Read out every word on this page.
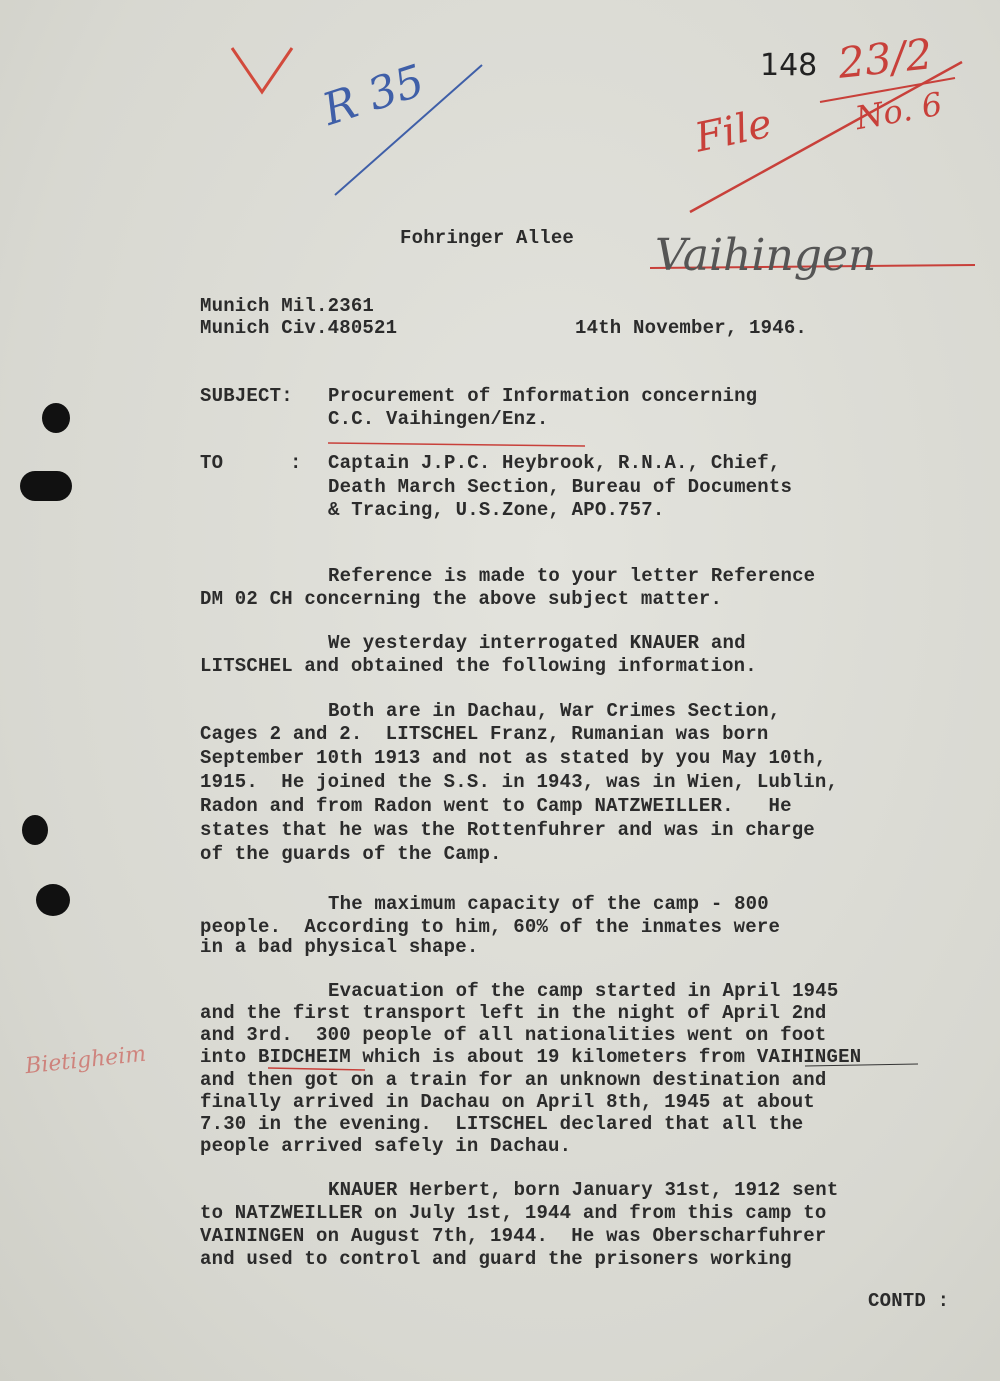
R 35	148 23/2
File No. 6
Vaihingen
Bietigheim
Fohringer Allee
Munich Mil.2361
Munich Civ.480521	14th November, 1946.
SUBJECT: Procurement of Information concerning
C.C. Vaihingen/Enz.
TO	: Captain J.P.C. Heybrook, R.N.A., Chief,
Death March Section, Bureau of Documents
& Tracing, U.S.Zone, APO.757.
Reference is made to your letter Reference
DM 02 CH concerning the above subject matter.
We yesterday interrogated KNAUER and
LITSCHEL and obtained the following information.
Both are in Dachau, War Crimes Section,
Cages 2 and 2.  LITSCHEL Franz, Rumanian was born
September 10th 1913 and not as stated by you May 10th,
1915.  He joined the S.S. in 1943, was in Wien, Lublin,
Radon and from Radon went to Camp NATZWEILLER.   He
states that he was the Rottenfuhrer and was in charge
of the guards of the Camp.
The maximum capacity of the camp - 800
people.  According to him, 60% of the inmates were
in a bad physical shape.
Evacuation of the camp started in April 1945
and the first transport left in the night of April 2nd
and 3rd.  300 people of all nationalities went on foot
into BIDCHEIM which is about 19 kilometers from VAIHINGEN
and then got on a train for an unknown destination and
finally arrived in Dachau on April 8th, 1945 at about
7.30 in the evening.  LITSCHEL declared that all the
people arrived safely in Dachau.
KNAUER Herbert, born January 31st, 1912 sent
to NATZWEILLER on July 1st, 1944 and from this camp to
VAININGEN on August 7th, 1944.  He was Oberscharfuhrer
and used to control and guard the prisoners working
CONTD :
